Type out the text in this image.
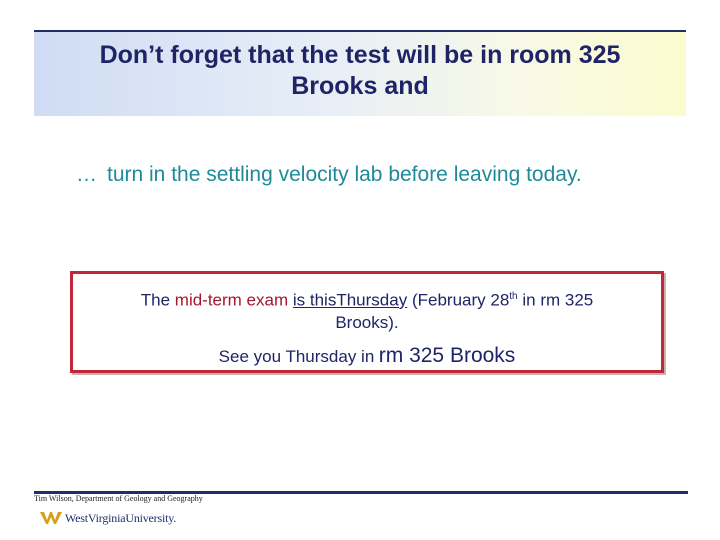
Don’t forget that the test will be in room 325
Brooks and
… turn in the settling velocity lab before leaving today.
The mid-term exam is thisThursday (February 28th in rm 325
Brooks).
See you Thursday in rm 325 Brooks
Tim Wilson, Department of Geology and Geography
WestVirginiaUniversity.
